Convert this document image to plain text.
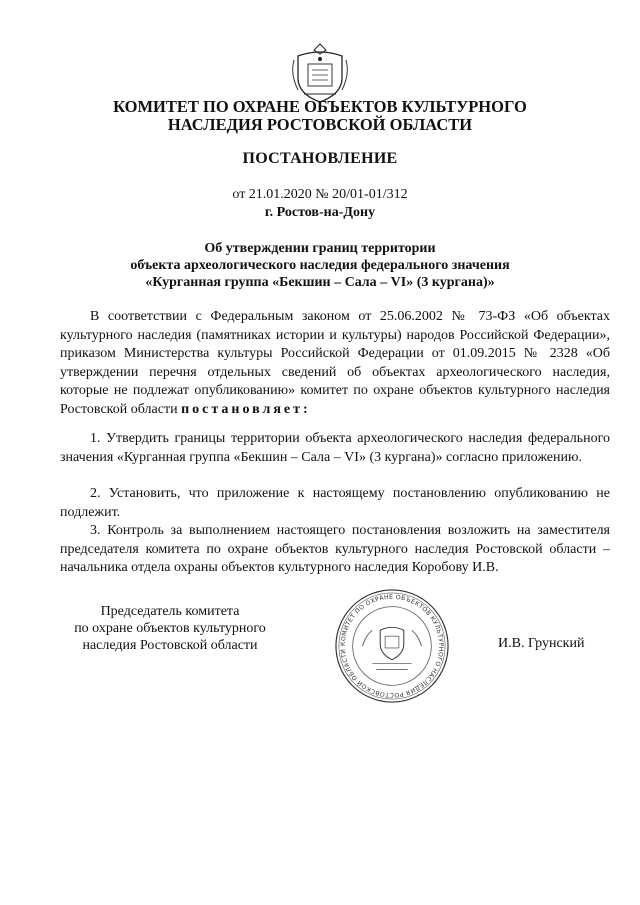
КОМИТЕТ ПО ОХРАНЕ ОБЪЕКТОВ КУЛЬТУРНОГО
НАСЛЕДИЯ РОСТОВСКОЙ ОБЛАСТИ
ПОСТАНОВЛЕНИЕ
от 21.01.2020 № 20/01-01/312
г. Ростов-на-Дону
Об утверждении границ территории
объекта археологического наследия федерального значения
«Курганная группа «Бекшин – Сала – VI» (3 кургана)»

В соответствии с Федеральным законом от 25.06.2002 № 73-ФЗ «Об объектах культурного наследия (памятниках истории и культуры) народов Российской Федерации», приказом Министерства культуры Российской Федерации от 01.09.2015 № 2328 «Об утверждении перечня отдельных сведений об объектах археологического наследия, которые не подлежат опубликованию» комитет по охране объектов культурного наследия Ростовской области постановляет:

1. Утвердить границы территории объекта археологического наследия федерального значения «Курганная группа «Бекшин – Сала – VI» (3 кургана)» согласно приложению.

2. Установить, что приложение к настоящему постановлению опубликованию не подлежит.

3. Контроль за выполнением настоящего постановления возложить на заместителя председателя комитета по охране объектов культурного наследия Ростовской области – начальника отдела охраны объектов культурного наследия Коробову И.В.

Председатель комитета
по охране объектов культурного
наследия Ростовской области	КОМИТЕТ ПО ОХРАНЕ ОБЪЕКТОВ КУЛЬТУРНОГО НАСЛЕДИЯ РОСТОВСКОЙ ОБЛАСТИ
И.В. Грунский
